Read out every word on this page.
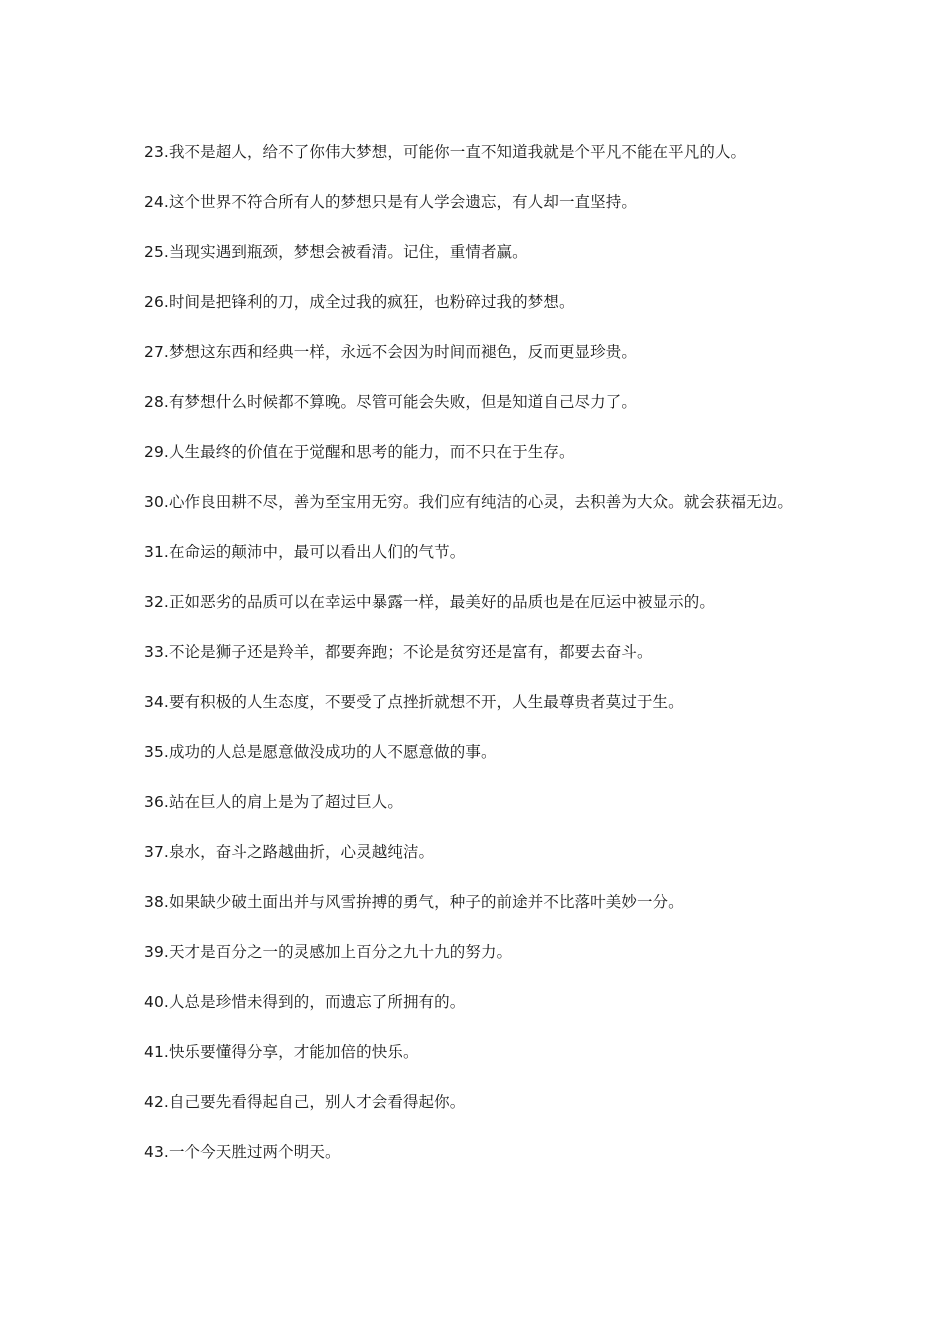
23.我不是超人，给不了你伟大梦想，可能你一直不知道我就是个平凡不能在平凡的人。

24.这个世界不符合所有人的梦想只是有人学会遗忘，有人却一直坚持。

25.当现实遇到瓶颈，梦想会被看清。记住，重情者赢。

26.时间是把锋利的刀，成全过我的疯狂，也粉碎过我的梦想。

27.梦想这东西和经典一样，永远不会因为时间而褪色，反而更显珍贵。

28.有梦想什么时候都不算晚。尽管可能会失败，但是知道自己尽力了。

29.人生最终的价值在于觉醒和思考的能力，而不只在于生存。

30.心作良田耕不尽，善为至宝用无穷。我们应有纯洁的心灵，去积善为大众。就会获福无边。

31.在命运的颠沛中，最可以看出人们的气节。

32.正如恶劣的品质可以在幸运中暴露一样，最美好的品质也是在厄运中被显示的。

33.不论是狮子还是羚羊，都要奔跑；不论是贫穷还是富有，都要去奋斗。

34.要有积极的人生态度，不要受了点挫折就想不开，人生最尊贵者莫过于生。

35.成功的人总是愿意做没成功的人不愿意做的事。

36.站在巨人的肩上是为了超过巨人。

37.泉水，奋斗之路越曲折，心灵越纯洁。

38.如果缺少破土面出并与风雪拚搏的勇气，种子的前途并不比落叶美妙一分。

39.天才是百分之一的灵感加上百分之九十九的努力。

40.人总是珍惜未得到的，而遗忘了所拥有的。

41.快乐要懂得分享，才能加倍的快乐。

42.自己要先看得起自己，别人才会看得起你。

43.一个今天胜过两个明天。
